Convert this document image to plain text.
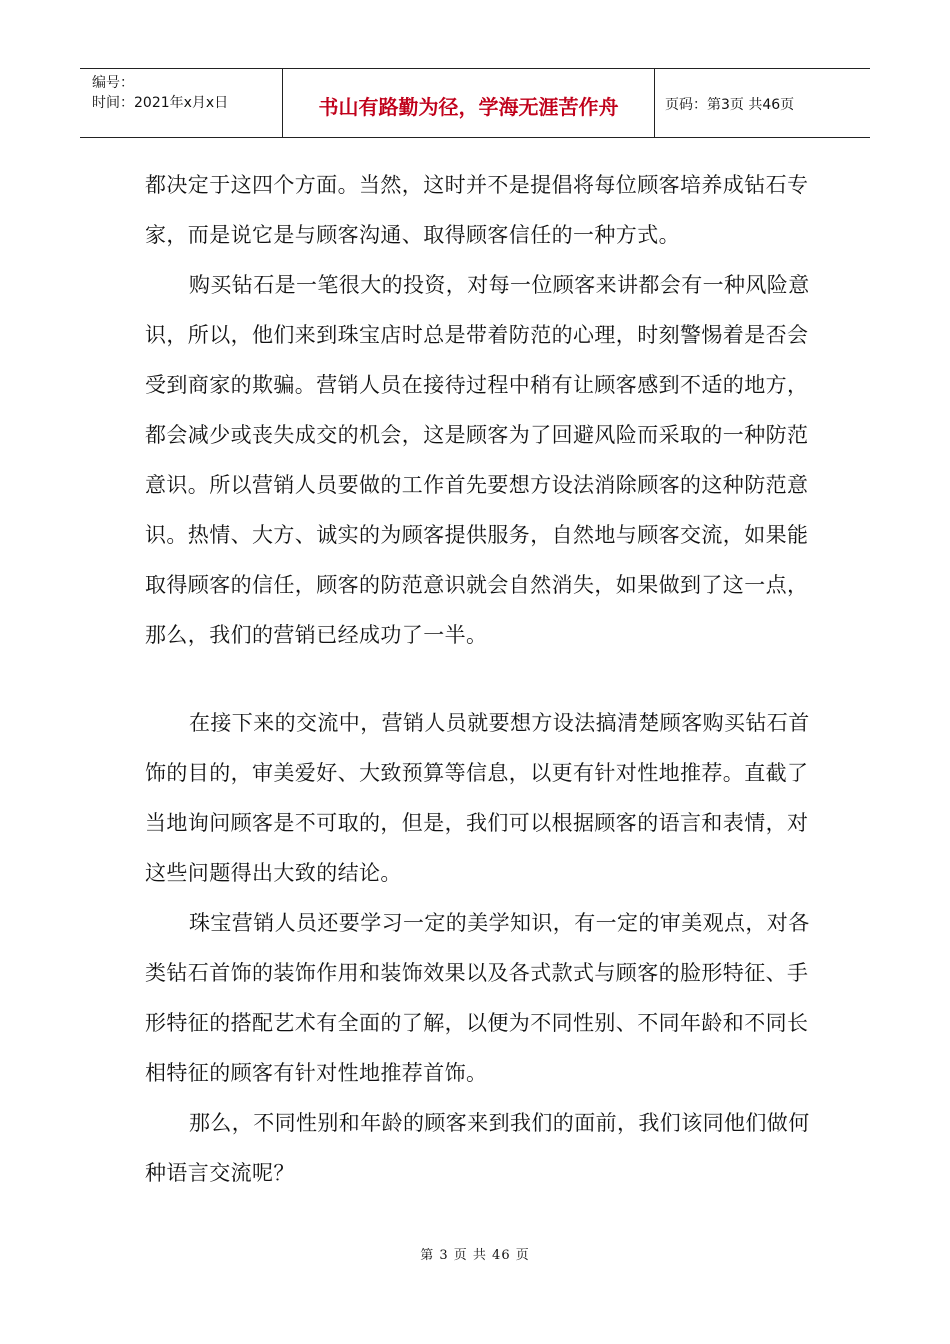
编号：
时间：2021年x月x日	书山有路勤为径，学海无涯苦作舟	页码：第3页 共46页

都决定于这四个方面。当然，这时并不是提倡将每位顾客培养成钻石专家，而是说它是与顾客沟通、取得顾客信任的一种方式。

购买钻石是一笔很大的投资，对每一位顾客来讲都会有一种风险意识，所以，他们来到珠宝店时总是带着防范的心理，时刻警惕着是否会受到商家的欺骗。营销人员在接待过程中稍有让顾客感到不适的地方，都会减少或丧失成交的机会，这是顾客为了回避风险而采取的一种防范意识。所以营销人员要做的工作首先要想方设法消除顾客的这种防范意识。热情、大方、诚实的为顾客提供服务，自然地与顾客交流，如果能取得顾客的信任，顾客的防范意识就会自然消失，如果做到了这一点，那么，我们的营销已经成功了一半。

在接下来的交流中，营销人员就要想方设法搞清楚顾客购买钻石首饰的目的，审美爱好、大致预算等信息，以更有针对性地推荐。直截了当地询问顾客是不可取的，但是，我们可以根据顾客的语言和表情，对这些问题得出大致的结论。

珠宝营销人员还要学习一定的美学知识，有一定的审美观点，对各类钻石首饰的装饰作用和装饰效果以及各式款式与顾客的脸形特征、手形特征的搭配艺术有全面的了解，以便为不同性别、不同年龄和不同长相特征的顾客有针对性地推荐首饰。

那么，不同性别和年龄的顾客来到我们的面前，我们该同他们做何种语言交流呢？

第 3 页 共 46 页
